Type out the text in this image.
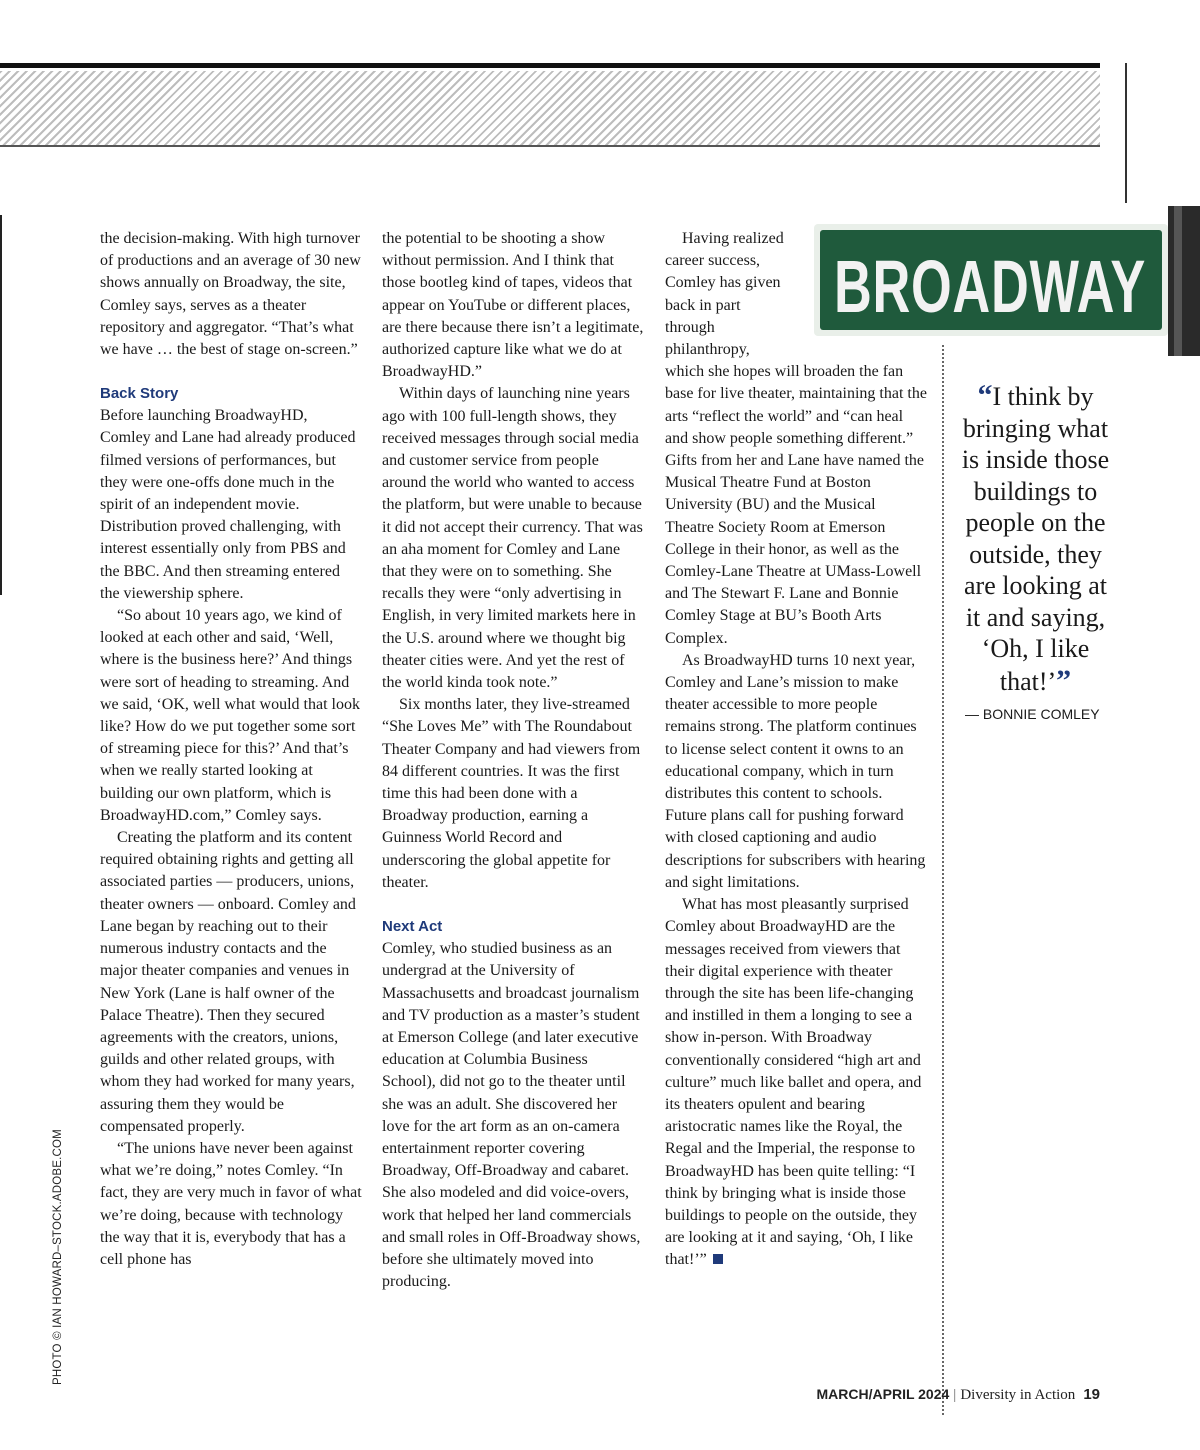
PHOTO © IAN HOWARD–STOCK.ADOBE.COM

the decision-making. With high turnover of productions and an average of 30 new shows annually on Broadway, the site, Comley says, serves as a theater repository and aggregator. “That’s what we have … the best of stage on-screen.”

Back Story

Before launching BroadwayHD, Comley and Lane had already produced filmed versions of performances, but they were one-offs done much in the spirit of an independent movie. Distribution proved challenging, with interest essentially only from PBS and the BBC. And then streaming entered the viewership sphere.

“So about 10 years ago, we kind of looked at each other and said, ‘Well, where is the business here?’ And things were sort of heading to streaming. And we said, ‘OK, well what would that look like? How do we put together some sort of streaming piece for this?’ And that’s when we really started looking at building our own platform, which is BroadwayHD.com,” Comley says.

Creating the platform and its content required obtaining rights and getting all associated parties — producers, unions, theater owners — onboard. Comley and Lane began by reaching out to their numerous industry contacts and the major theater companies and venues in New York (Lane is half owner of the Palace Theatre). Then they secured agreements with the creators, unions, guilds and other related groups, with whom they had worked for many years, assuring them they would be compensated properly.

“The unions have never been against what we’re doing,” notes Comley. “In fact, they are very much in favor of what we’re doing, because with technology the way that it is, everybody that has a cell phone has

the potential to be shooting a show without permission. And I think that those bootleg kind of tapes, videos that appear on YouTube or different places, are there because there isn’t a legitimate, authorized capture like what we do at BroadwayHD.”

Within days of launching nine years ago with 100 full-length shows, they received messages through social media and customer service from people around the world who wanted to access the platform, but were unable to because it did not accept their currency. That was an aha moment for Comley and Lane that they were on to something. She recalls they were “only advertising in English, in very limited markets here in the U.S. around where we thought big theater cities were. And yet the rest of the world kinda took note.”

Six months later, they live-streamed “She Loves Me” with The Roundabout Theater Company and had viewers from 84 different countries. It was the first time this had been done with a Broadway production, earning a Guinness World Record and underscoring the global appetite for theater.

Next Act

Comley, who studied business as an undergrad at the University of Massachusetts and broadcast journalism and TV production as a master’s student at Emerson College (and later executive education at Columbia Business School), did not go to the theater until she was an adult. She discovered her love for the art form as an on-camera entertainment reporter covering Broadway, Off-Broadway and cabaret. She also modeled and did voice-overs, work that helped her land commercials and small roles in Off-Broadway shows, before she ultimately moved into producing.

Having realized career success, Comley has given back in part through philanthropy, which she hopes will broaden the fan base for live theater, maintaining that the arts “reflect the world” and “can heal and show people something different.” Gifts from her and Lane have named the Musical Theatre Fund at Boston University (BU) and the Musical Theatre Society Room at Emerson College in their honor, as well as the Comley-Lane Theatre at UMass-Lowell and The Stewart F. Lane and Bonnie Comley Stage at BU’s Booth Arts Complex.

As BroadwayHD turns 10 next year, Comley and Lane’s mission to make theater accessible to more people remains strong. The platform continues to license select content it owns to an educational company, which in turn distributes this content to schools. Future plans call for pushing forward with closed captioning and audio descriptions for subscribers with hearing and sight limitations.

What has most pleasantly surprised Comley about BroadwayHD are the messages received from viewers that their digital experience with theater through the site has been life-changing and instilled in them a longing to see a show in-person. With Broadway conventionally considered “high art and culture” much like ballet and opera, and its theaters opulent and bearing aristocratic names like the Royal, the Regal and the Imperial, the response to BroadwayHD has been quite telling: “I think by bringing what is inside those buildings to people on the outside, they are looking at it and saying, ‘Oh, I like that!’”

BROADWAY
“I think by bringing what is inside those buildings to people on the outside, they are looking at it and saying, ‘Oh, I like that!’”
— BONNIE COMLEY
MARCH/APRIL 2024 | Diversity in Action 19
